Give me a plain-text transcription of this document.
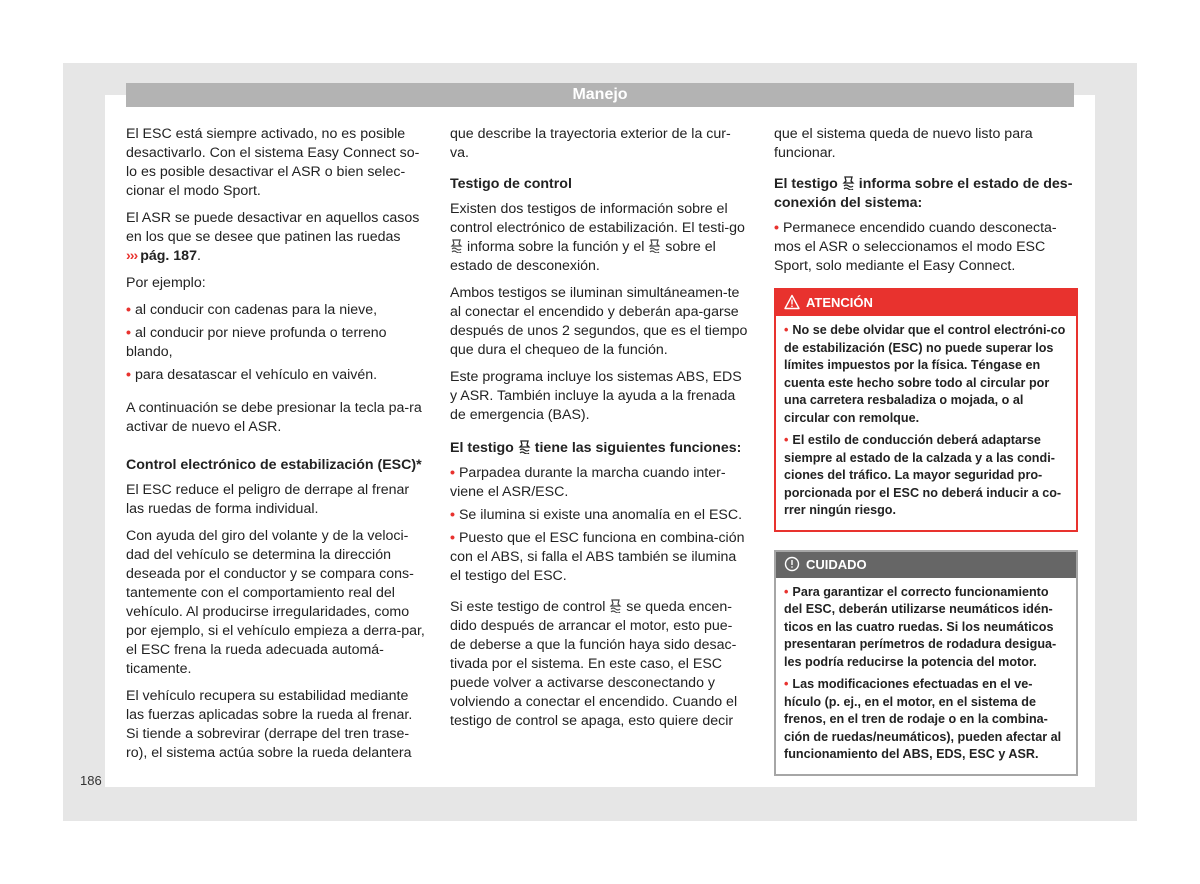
Manejo

El ESC está siempre activado, no es posible desactivarlo. Con el sistema Easy Connect so-lo es posible desactivar el ASR o bien selec-cionar el modo Sport.

El ASR se puede desactivar en aquellos casos en los que se desee que patinen las ruedas ››› pág. 187.

Por ejemplo:

• al conducir con cadenas para la nieve,

• al conducir por nieve profunda o terreno blando,

• para desatascar el vehículo en vaivén.

A continuación se debe presionar la tecla pa-ra activar de nuevo el ASR.

Control electrónico de estabilización (ESC)*

El ESC reduce el peligro de derrape al frenar las ruedas de forma individual.

Con ayuda del giro del volante y de la veloci-dad del vehículo se determina la dirección deseada por el conductor y se compara cons-tantemente con el comportamiento real del vehículo. Al producirse irregularidades, como por ejemplo, si el vehículo empieza a derra-par, el ESC frena la rueda adecuada automá-ticamente.

El vehículo recupera su estabilidad mediante las fuerzas aplicadas sobre la rueda al frenar. Si tiende a sobrevirar (derrape del tren trase-ro), el sistema actúa sobre la rueda delantera

que describe la trayectoria exterior de la cur-va.

Testigo de control

Existen dos testigos de información sobre el control electrónico de estabilización. El testi-go  informa sobre la función y el sobre el estado de desconexión.

Ambos testigos se iluminan simultáneamen-te al conectar el encendido y deberán apa-garse después de unos 2 segundos, que es el tiempo que dura el chequeo de la función.

Este programa incluye los sistemas ABS, EDS y ASR. También incluye la ayuda a la frenada de emergencia (BAS).

El testigo tiene las siguientes funciones:

• Parpadea durante la marcha cuando inter-viene el ASR/ESC.

• Se ilumina si existe una anomalía en el ESC.

• Puesto que el ESC funciona en combina-ción con el ABS, si falla el ABS también se ilumina el testigo del ESC.

Si este testigo de control se queda encen-dido después de arrancar el motor, esto pue-de deberse a que la función haya sido desac-tivada por el sistema. En este caso, el ESC puede volver a activarse desconectando y volviendo a conectar el encendido. Cuando el testigo de control se apaga, esto quiere decir

que el sistema queda de nuevo listo para funcionar.

El testigo informa sobre el estado de des-conexión del sistema:

• Permanece encendido cuando desconecta-mos el ASR o seleccionamos el modo ESC Sport, solo mediante el Easy Connect.

ATENCIÓN

• No se debe olvidar que el control electróni-co de estabilización (ESC) no puede superar los límites impuestos por la física. Téngase en cuenta este hecho sobre todo al circular por una carretera resbaladiza o mojada, o al circular con remolque.

• El estilo de conducción deberá adaptarse siempre al estado de la calzada y a las condi-ciones del tráfico. La mayor seguridad pro-porcionada por el ESC no deberá inducir a co-rrer ningún riesgo.

CUIDADO

• Para garantizar el correcto funcionamiento del ESC, deberán utilizarse neumáticos idén-ticos en las cuatro ruedas. Si los neumáticos presentaran perímetros de rodadura desigua-les podría reducirse la potencia del motor.

• Las modificaciones efectuadas en el ve-hículo (p. ej., en el motor, en el sistema de frenos, en el tren de rodaje o en la combina-ción de ruedas/neumáticos), pueden afectar al funcionamiento del ABS, EDS, ESC y ASR.

186
